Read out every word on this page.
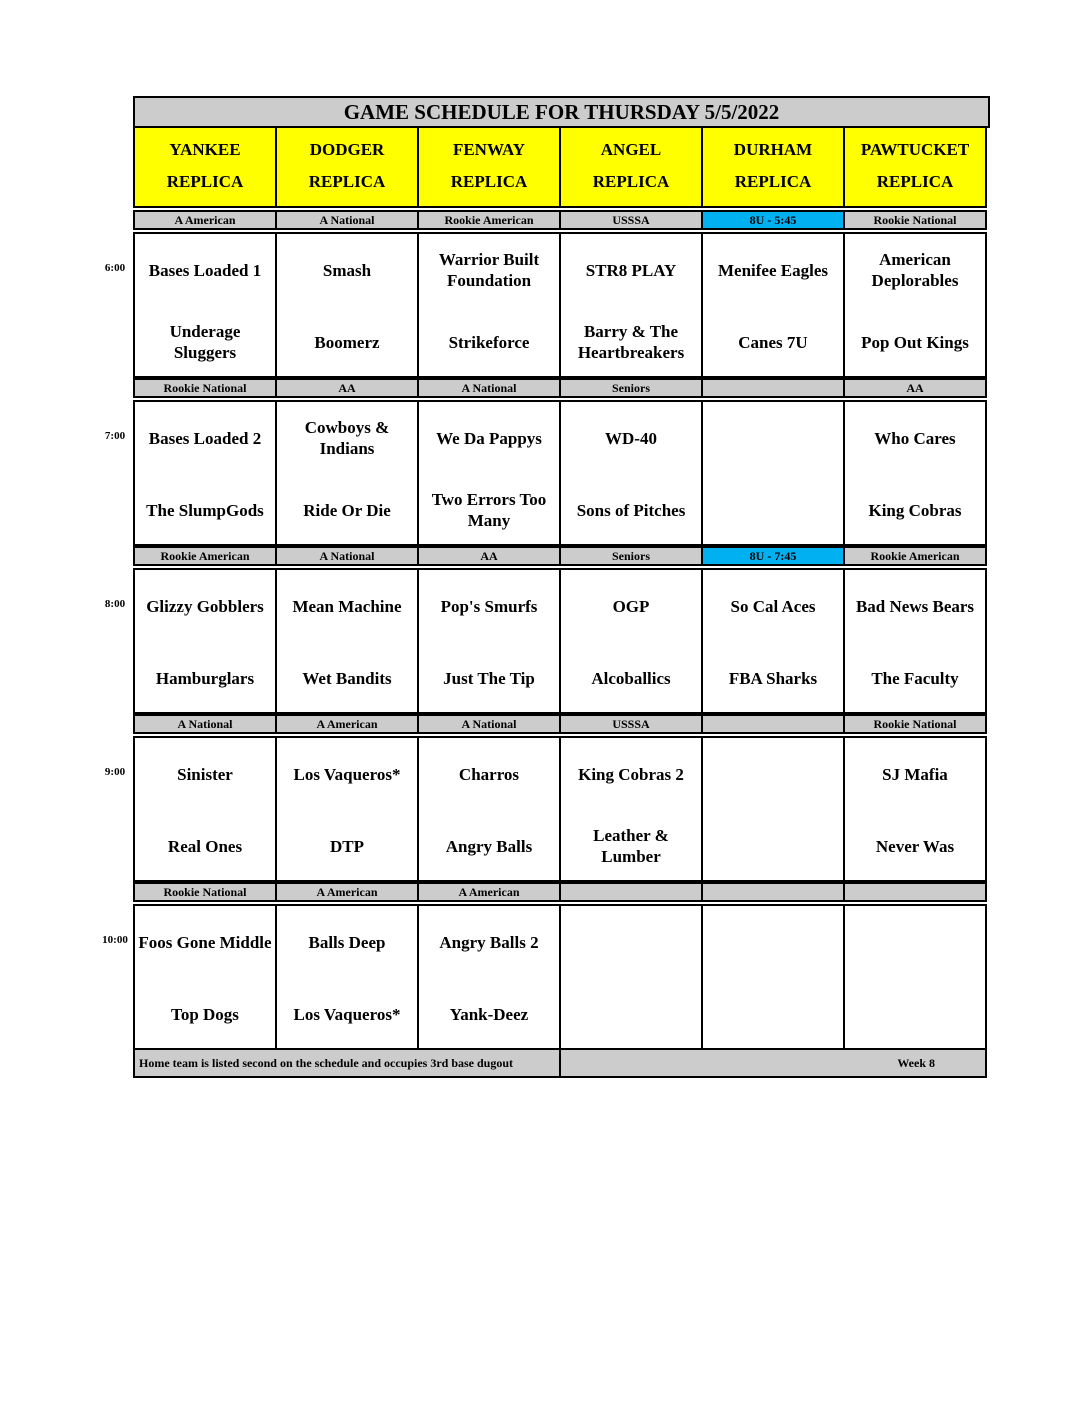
GAME SCHEDULE FOR THURSDAY 5/5/2022
YANKEE
REPLICA
DODGER
REPLICA
FENWAY
REPLICA
ANGEL
REPLICA
DURHAM
REPLICA
PAWTUCKET
REPLICA
6:00
A American
Bases Loaded 1
Underage Sluggers
A National
Smash
Boomerz
Rookie American
Warrior Built Foundation
Strikeforce
USSSA
STR8 PLAY
Barry & The Heartbreakers
8U - 5:45
Menifee Eagles
Canes 7U
Rookie National
American Deplorables
Pop Out Kings
7:00
Rookie National
Bases Loaded 2
The SlumpGods
AA
Cowboys & Indians
Ride Or Die
A National
We Da Pappys
Two Errors Too Many
Seniors
WD-40
Sons of Pitches
AA
Who Cares
King Cobras
8:00
Rookie American
Glizzy Gobblers
Hamburglars
A National
Mean Machine
Wet Bandits
AA
Pop's Smurfs
Just The Tip
Seniors
OGP
Alcoballics
8U - 7:45
So Cal Aces
FBA Sharks
Rookie American
Bad News Bears
The Faculty
9:00
A National
Sinister
Real Ones
A American
Los Vaqueros*
DTP
A National
Charros
Angry Balls
USSSA
King Cobras 2
Leather & Lumber
Rookie National
SJ Mafia
Never Was
10:00
Rookie National
Foos Gone Middle
Top Dogs
A American
Balls Deep
Los Vaqueros*
A American
Angry Balls 2
Yank-Deez
Home team is listed second on the schedule and occupies 3rd base dugout	Week 8
